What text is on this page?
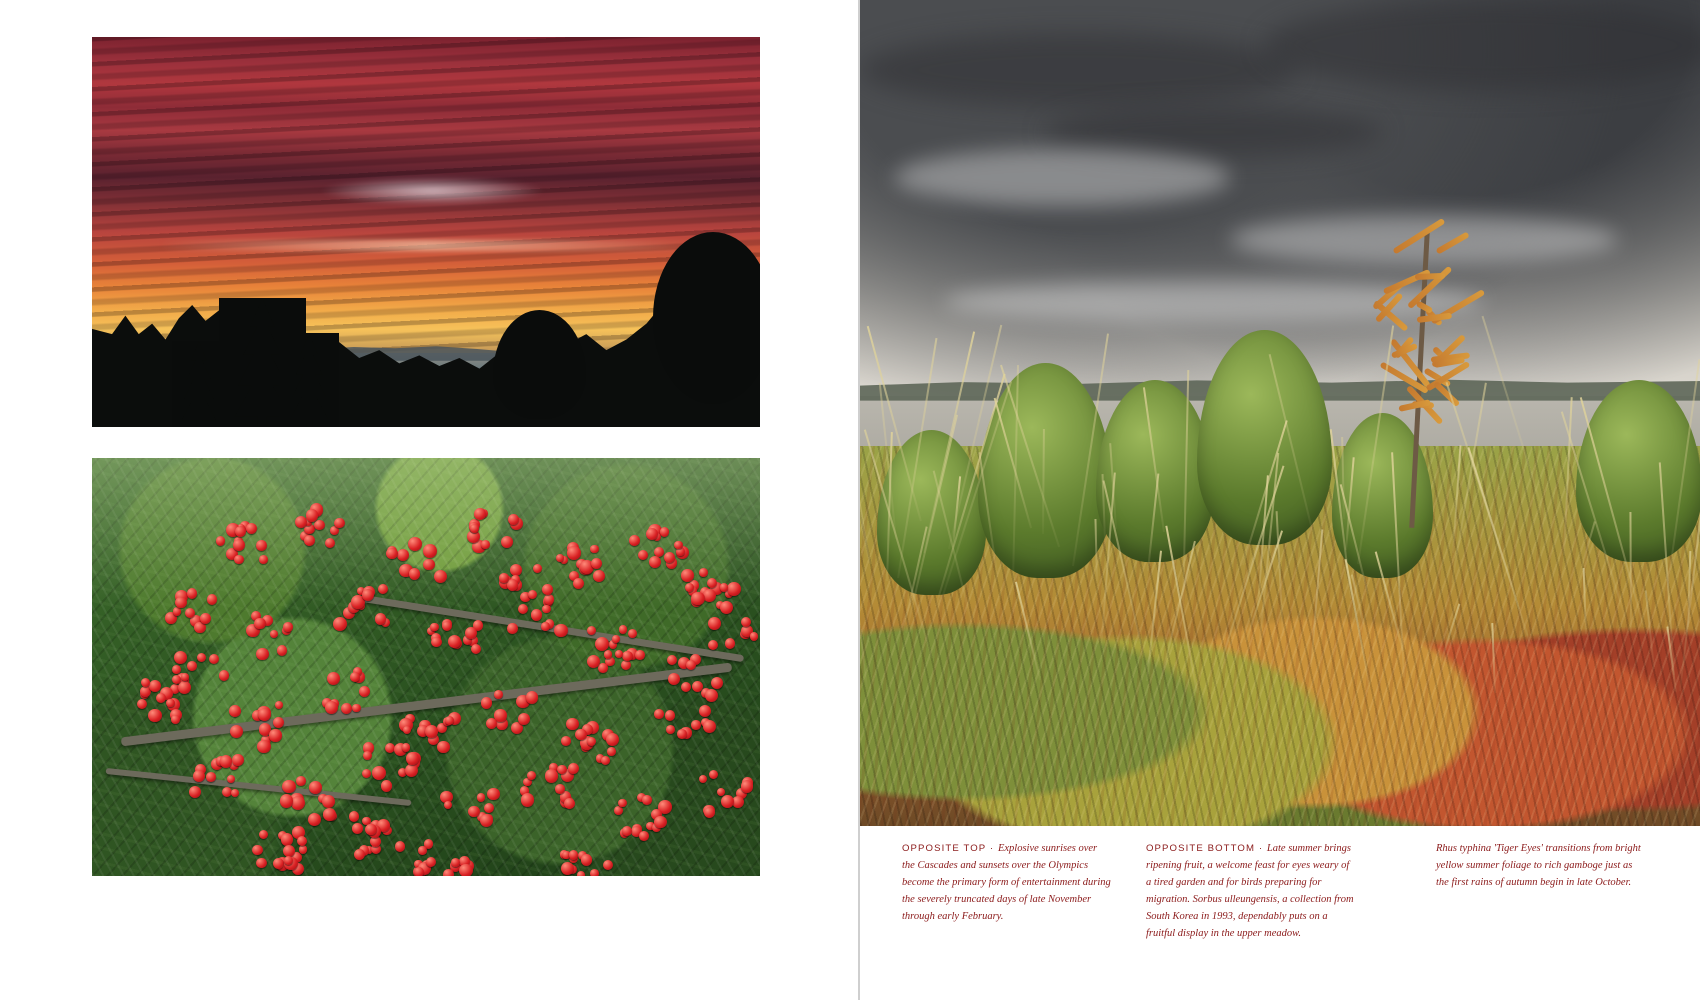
OPPOSITE TOP · Explosive sunrises over the Cascades and sunsets over the Olympics become the primary form of entertainment during the severely truncated days of late November through early February.
OPPOSITE BOTTOM · Late summer brings ripening fruit, a welcome feast for eyes weary of a tired garden and for birds preparing for migration. Sorbus ulleungensis, a collection from South Korea in 1993, dependably puts on a fruitful display in the upper meadow.
Rhus typhina 'Tiger Eyes' transitions from bright yellow summer foliage to rich gamboge just as the first rains of autumn begin in late October.
